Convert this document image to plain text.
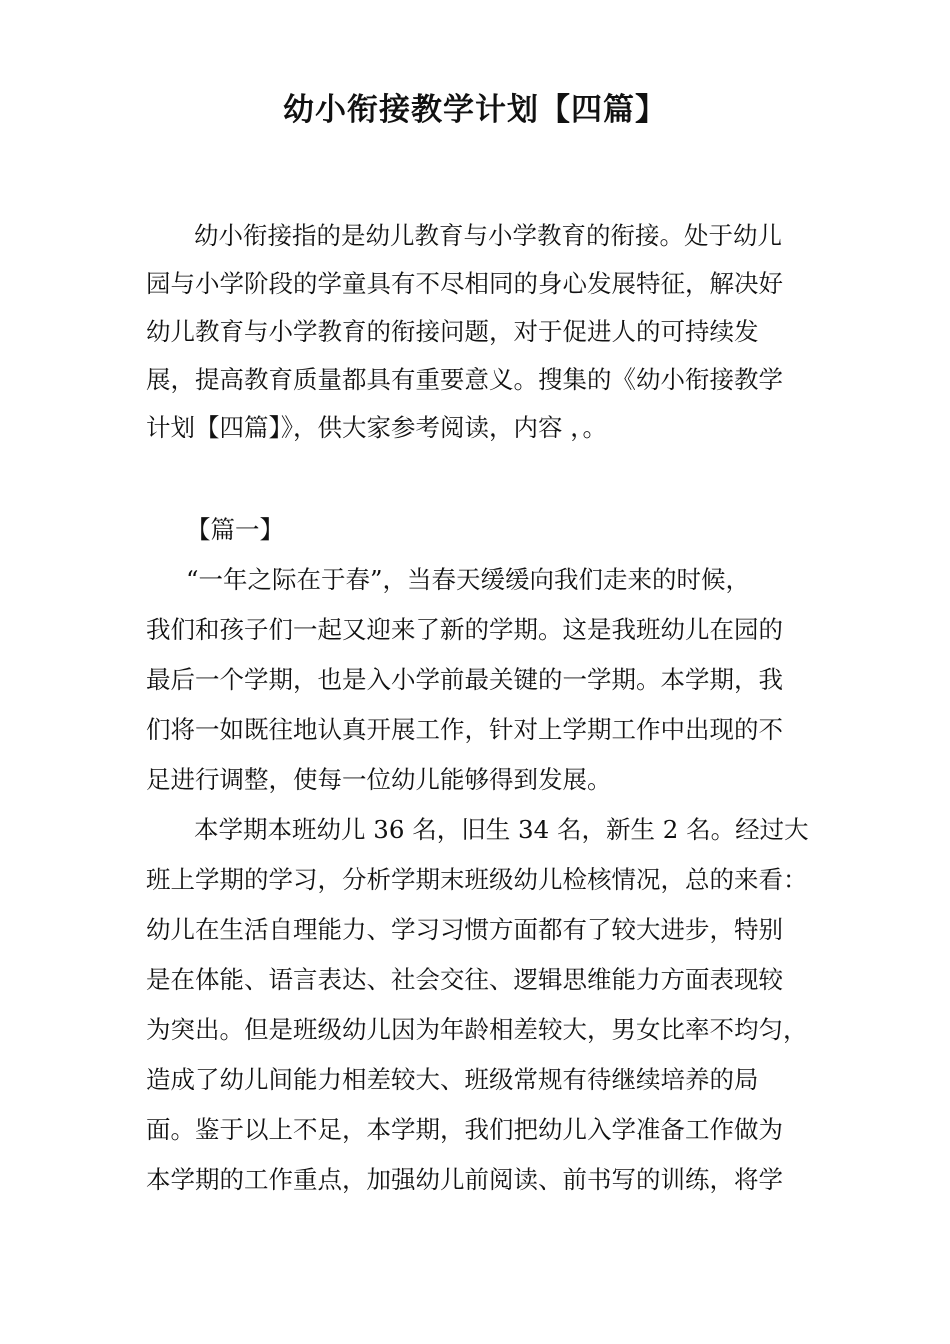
幼小衔接教学计划【四篇】

幼小衔接指的是幼儿教育与小学教育的衔接。处于幼儿

园与小学阶段的学童具有不尽相同的身心发展特征，解决好

幼儿教育与小学教育的衔接问题，对于促进人的可持续发

展，提高教育质量都具有重要意义。搜集的《幼小衔接教学

计划【四篇】》，供大家参考阅读，内容 ，。

【篇一】

“一年之际在于春”，当春天缓缓向我们走来的时候，

我们和孩子们一起又迎来了新的学期。这是我班幼儿在园的

最后一个学期，也是入小学前最关键的一学期。本学期，我

们将一如既往地认真开展工作，针对上学期工作中出现的不

足进行调整，使每一位幼儿能够得到发展。

本学期本班幼儿 36 名，旧生 34 名，新生 2 名。经过大

班上学期的学习，分析学期末班级幼儿检核情况，总的来看：

幼儿在生活自理能力、学习习惯方面都有了较大进步，特别

是在体能、语言表达、社会交往、逻辑思维能力方面表现较

为突出。但是班级幼儿因为年龄相差较大，男女比率不均匀，

造成了幼儿间能力相差较大、班级常规有待继续培养的局

面。鉴于以上不足，本学期，我们把幼儿入学准备工作做为

本学期的工作重点，加强幼儿前阅读、前书写的训练，将学
